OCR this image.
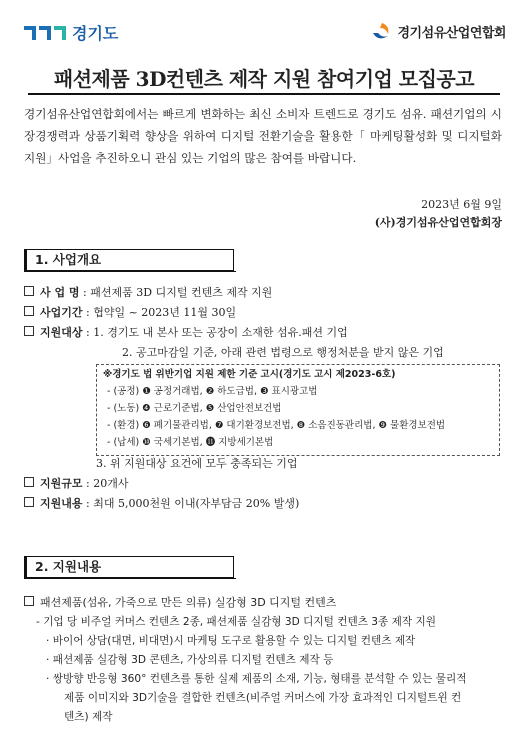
경기도	경기섬유산업연합회
패션제품 3D컨텐츠 제작 지원 참여기업 모집공고
경기섬유산업연합회에서는 빠르게 변화하는 최신 소비자 트렌드로 경기도 섬유. 패션기업의 시장경쟁력과 상품기획력 향상을 위하여 디지털 전환기술을 활용한「 마케팅활성화 및 디지털화 지원」사업을 추진하오니 관심 있는 기업의 많은 참여를 바랍니다.
2023년 6월 9일
(사)경기섬유산업연합회장
1. 사업개요
사 업 명 : 패션제품 3D 디지털 컨텐츠 제작 지원
사업기간 : 협약일 ~ 2023년 11월 30일
지원대상 : 1. 경기도 내 본사 또는 공장이 소재한 섬유.패션 기업
2. 공고마감일 기준, 아래 관련 법령으로 행정처분을 받지 않은 기업
※경기도 법 위반기업 지원 제한 기준 고시(경기도 고시 제2023-6호)
- (공정) ❶ 공정거래법, ❷ 하도급법, ❸ 표시광고법
- (노동) ❹ 근로기준법, ❺ 산업안전보건법
- (환경) ❻ 폐기물관리법, ❼ 대기환경보전법, ❽ 소음진동관리법, ❾ 물환경보전법
- (납세) ❿ 국세기본법, ⓫ 지방세기본법
3. 위 지원대상 요건에 모두 충족되는 기업
지원규모 : 20개사
지원내용 : 최대 5,000천원 이내(자부담금 20% 발생)
2. 지원내용
패션제품(섬유, 가죽으로 만든 의류) 실감형 3D 디지털 컨텐츠
- 기업 당 비주얼 커머스 컨텐츠 2종, 패션제품 실감형 3D 디지털 컨텐츠 3종 제작 지원
· 바이어 상담(대면, 비대면)시 마케팅 도구로 활용할 수 있는 디지털 컨텐츠 제작
· 패션제품 실감형 3D 콘텐츠, 가상의류 디지털 컨텐츠 제작 등
· 쌍방향 반응형 360° 컨텐츠를 통한 실제 제품의 소재, 기능, 형태를 분석할 수 있는 물리적
제품 이미지와 3D기술을 결합한 컨텐츠(비주얼 커머스에 가장 효과적인 디지털트윈 컨
텐츠) 제작
